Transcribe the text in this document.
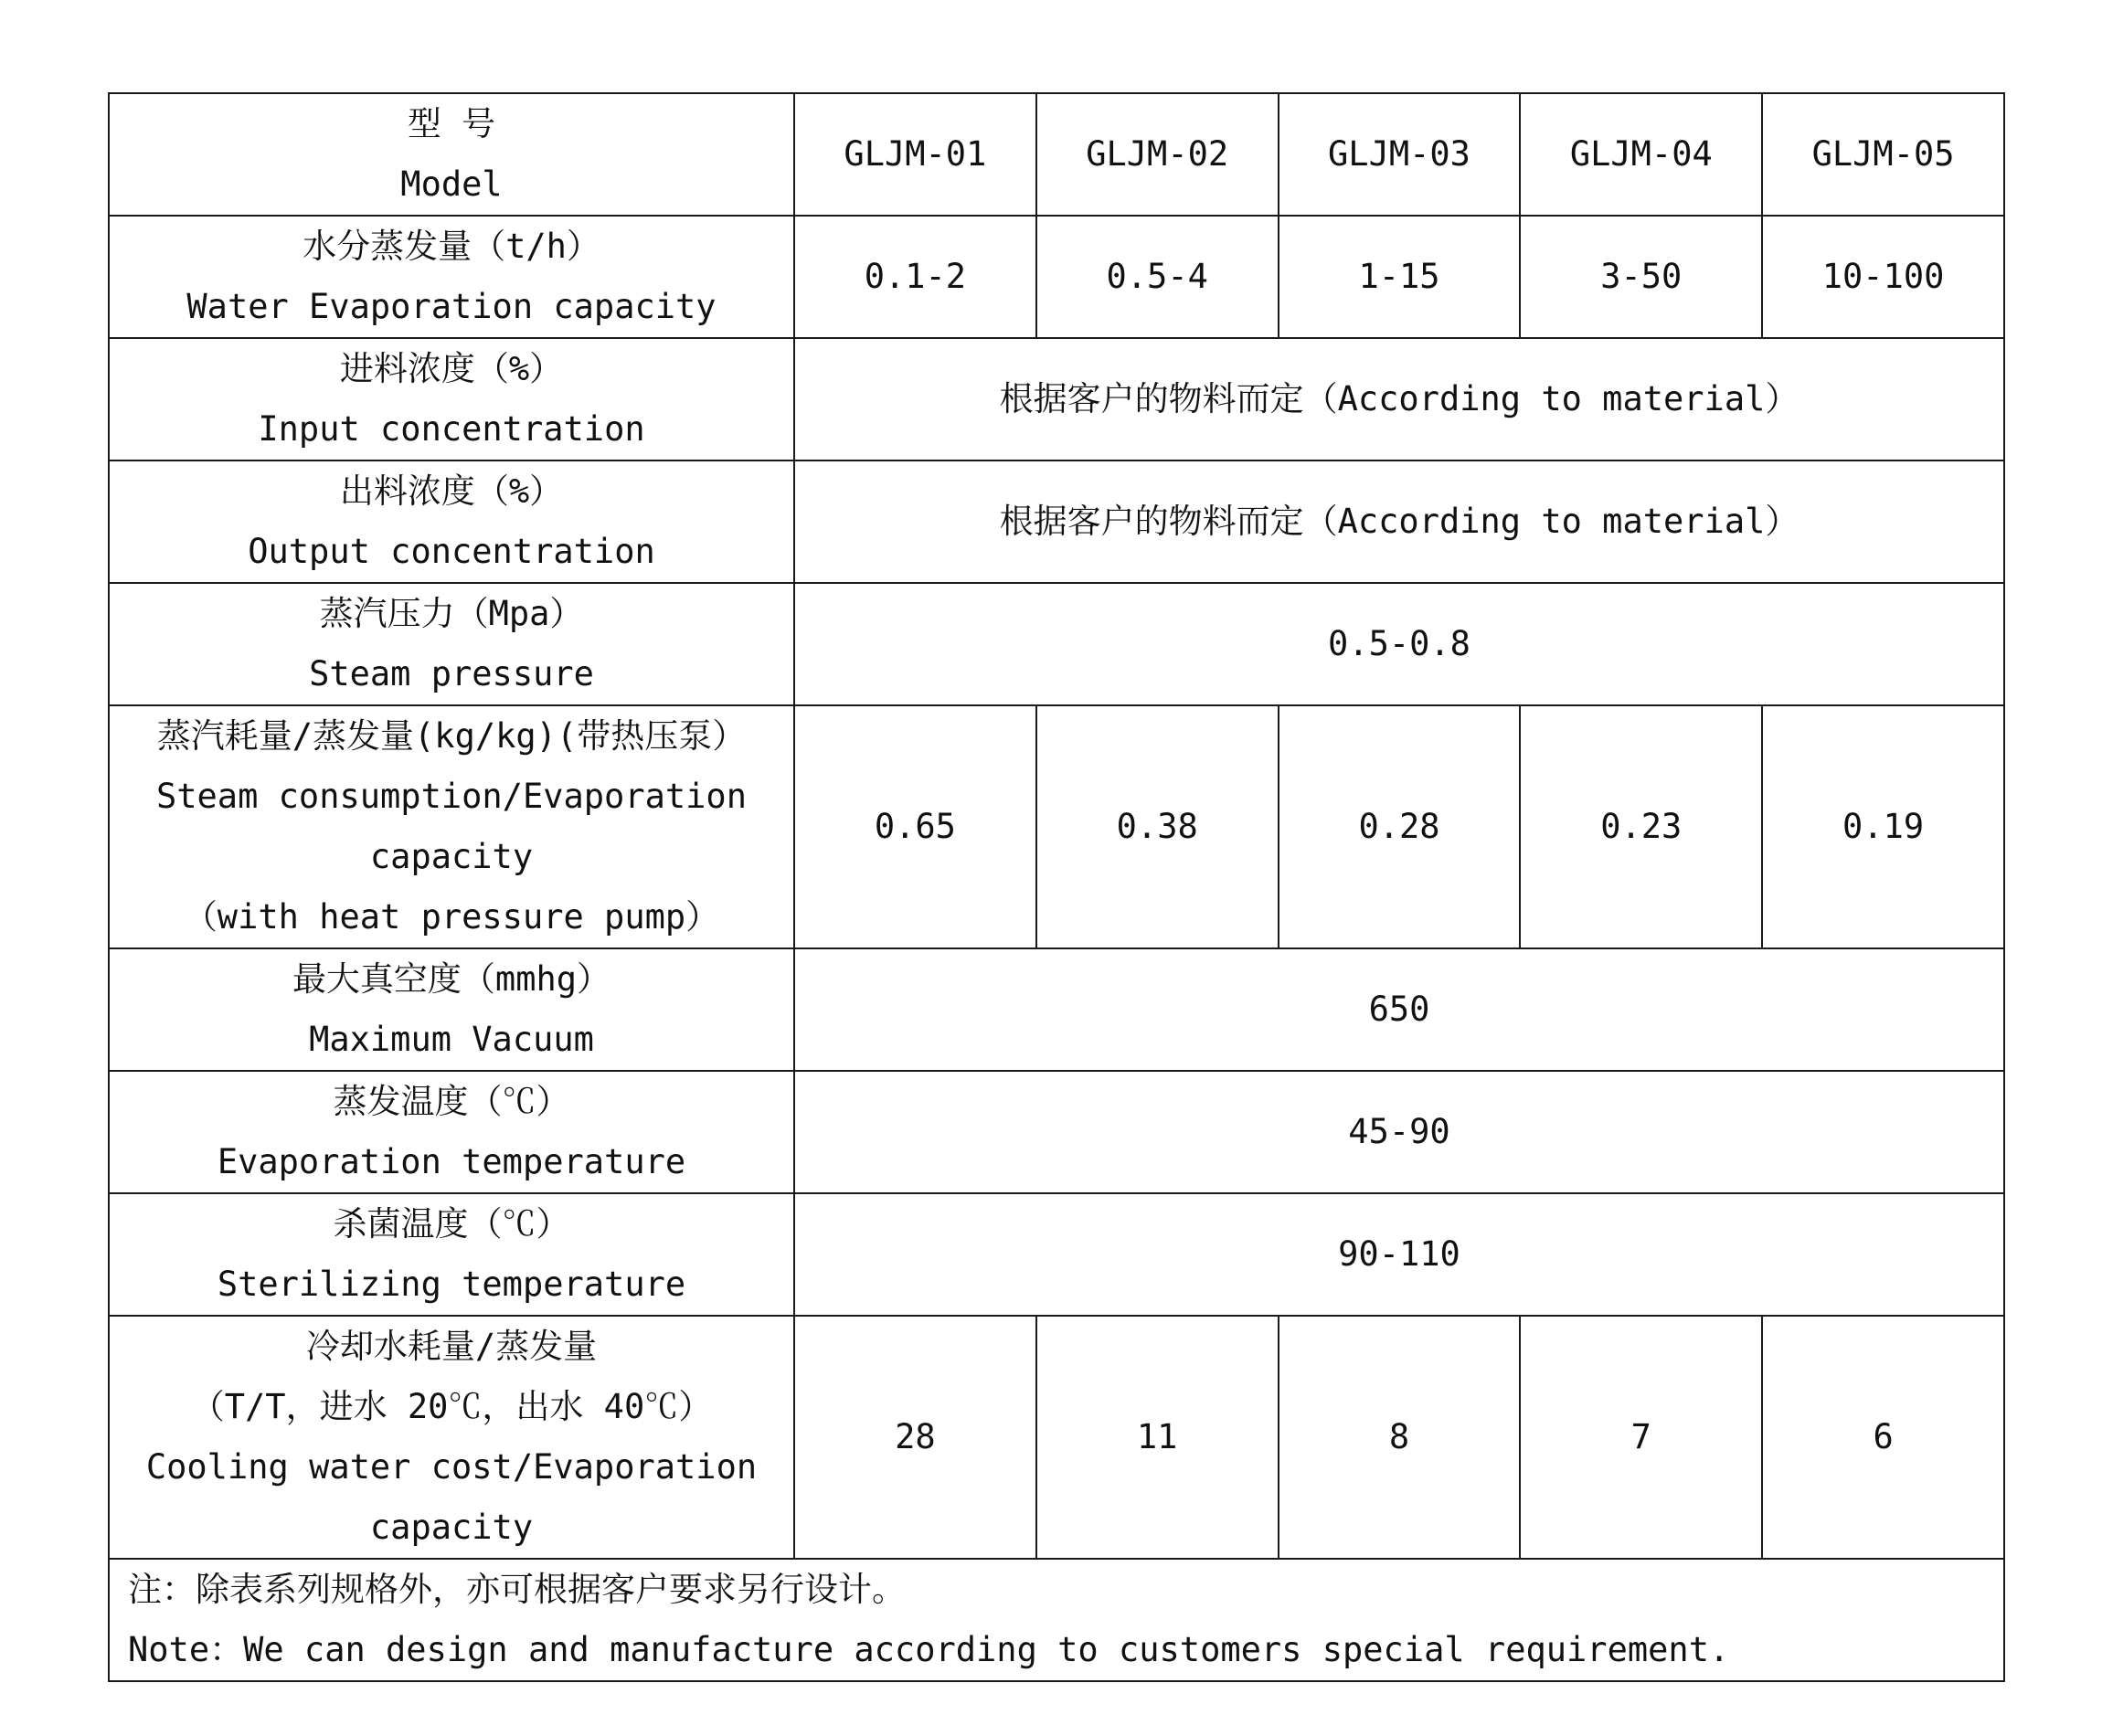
型 号
Model	GLJM-01	GLJM-02	GLJM-03	GLJM-04	GLJM-05

水分蒸发量（t/h）
Water Evaporation capacity	0.1-2	0.5-4	1-15	3-50	10-100

进料浓度（%）
Input concentration	根据客户的物料而定（According to material）				

出料浓度（%）
Output concentration	根据客户的物料而定（According to material）				

蒸汽压力（Mpa）
Steam pressure	0.5-0.8				

蒸汽耗量/蒸发量(kg/kg)(带热压泵）
Steam consumption/Evaporation
capacity
（with heat pressure pump）	0.65	0.38	0.28	0.23	0.19

最大真空度（mmhg）
Maximum Vacuum	650				

蒸发温度（℃）
Evaporation temperature	45-90				

杀菌温度（℃）
Sterilizing temperature	90-110				

冷却水耗量/蒸发量
（T/T，进水 20℃，出水 40℃）
Cooling water cost/Evaporation
capacity	28	11	8	7	6

注：除表系列规格外，亦可根据客户要求另行设计。
Note：We can design and manufacture according to customers special requirement.					
